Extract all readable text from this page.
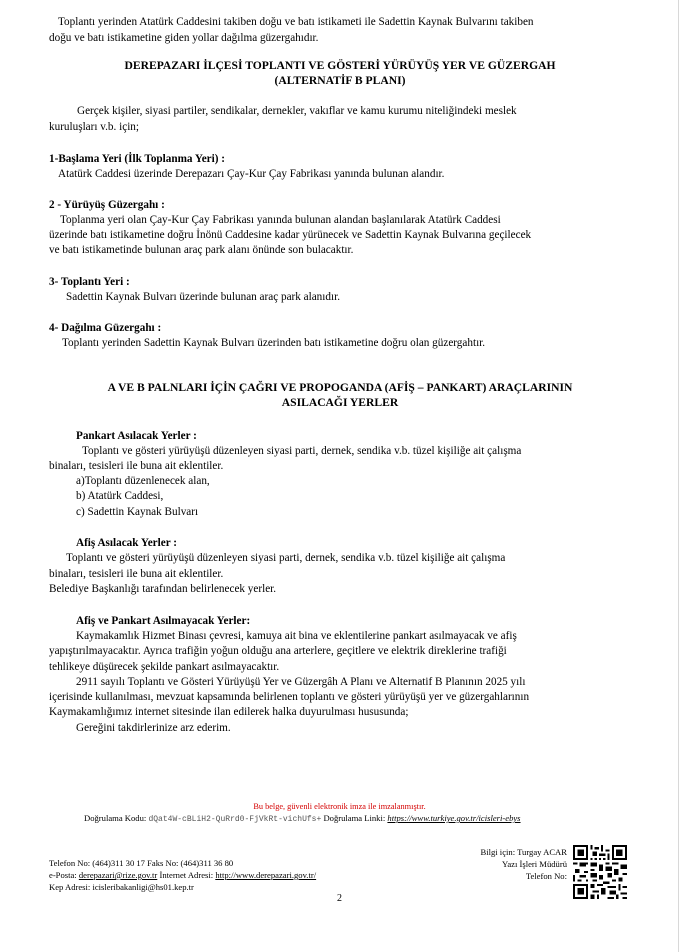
Toplantı yerinden Atatürk Caddesini takiben doğu ve batı istikameti ile Sadettin Kaynak Bulvarını takiben
doğu ve batı istikametine giden yollar dağılma güzergahıdır.
DEREPAZARI İLÇESİ TOPLANTI VE GÖSTERİ YÜRÜYÜŞ YER VE GÜZERGAH
(ALTERNATİF B PLANI)
Gerçek kişiler, siyasi partiler, sendikalar, dernekler, vakıflar ve kamu kurumu niteliğindeki meslek
kuruluşları v.b. için;
1-Başlama Yeri (İlk Toplanma Yeri) :
Atatürk Caddesi üzerinde Derepazarı Çay-Kur Çay Fabrikası yanında bulunan alandır.
2 - Yürüyüş Güzergahı :
Toplanma yeri olan Çay-Kur Çay Fabrikası yanında bulunan alandan başlanılarak Atatürk Caddesi
üzerinde batı istikametine doğru İnönü Caddesine kadar yürünecek ve Sadettin Kaynak Bulvarına geçilecek
ve batı istikametinde bulunan araç park alanı önünde son bulacaktır.
3- Toplantı Yeri :
Sadettin Kaynak Bulvarı üzerinde bulunan araç park alanıdır.
4- Dağılma Güzergahı :
Toplantı yerinden Sadettin Kaynak Bulvarı üzerinden batı istikametine doğru olan güzergahtır.
A VE B PALNLARI İÇİN ÇAĞRI VE PROPOGANDA (AFİŞ – PANKART) ARAÇLARININ
ASILACAĞI YERLER
Pankart Asılacak Yerler :
Toplantı ve gösteri yürüyüşü düzenleyen siyasi parti, dernek, sendika v.b. tüzel kişiliğe ait çalışma
binaları, tesisleri ile buna ait eklentiler.
a)Toplantı düzenlenecek alan,
b) Atatürk Caddesi,
c) Sadettin Kaynak Bulvarı
Afiş Asılacak Yerler :
Toplantı ve gösteri yürüyüşü düzenleyen siyasi parti, dernek, sendika v.b. tüzel kişiliğe ait çalışma
binaları, tesisleri ile buna ait eklentiler.
Belediye Başkanlığı tarafından belirlenecek yerler.
Afiş ve Pankart Asılmayacak Yerler:
Kaymakamlık Hizmet Binası çevresi, kamuya ait bina ve eklentilerine pankart asılmayacak ve afiş
yapıştırılmayacaktır. Ayrıca trafiğin yoğun olduğu ana arterlere, geçitlere ve elektrik direklerine trafiği
tehlikeye düşürecek şekilde pankart asılmayacaktır.
2911 sayılı Toplantı ve Gösteri Yürüyüşü Yer ve Güzergâh A Planı ve Alternatif B Planının 2025 yılı
içerisinde kullanılması, mevzuat kapsamında belirlenen toplantı ve gösteri yürüyüşü yer ve güzergahlarının
Kaymakamlığımız internet sitesinde ilan edilerek halka duyurulması hususunda;
Gereğini takdirlerinize arz ederim.
Bu belge, güvenli elektronik imza ile imzalanmıştır.
Doğrulama Kodu: dQat4W-cBLiH2-QuRrd0-FjVkRt-vichUfs+ Doğrulama Linki: https://www.turkiye.gov.tr/icisleri-ebys
Telefon No: (464)311 30 17 Faks No: (464)311 36 80
e-Posta: derepazari@rize.gov.tr İnternet Adresi: http://www.derepazari.gov.tr/
Kep Adresi: icisleribakanligi@hs01.kep.tr
Bilgi için: Turgay ACAR
Yazı İşleri Müdürü
Telefon No:
2
